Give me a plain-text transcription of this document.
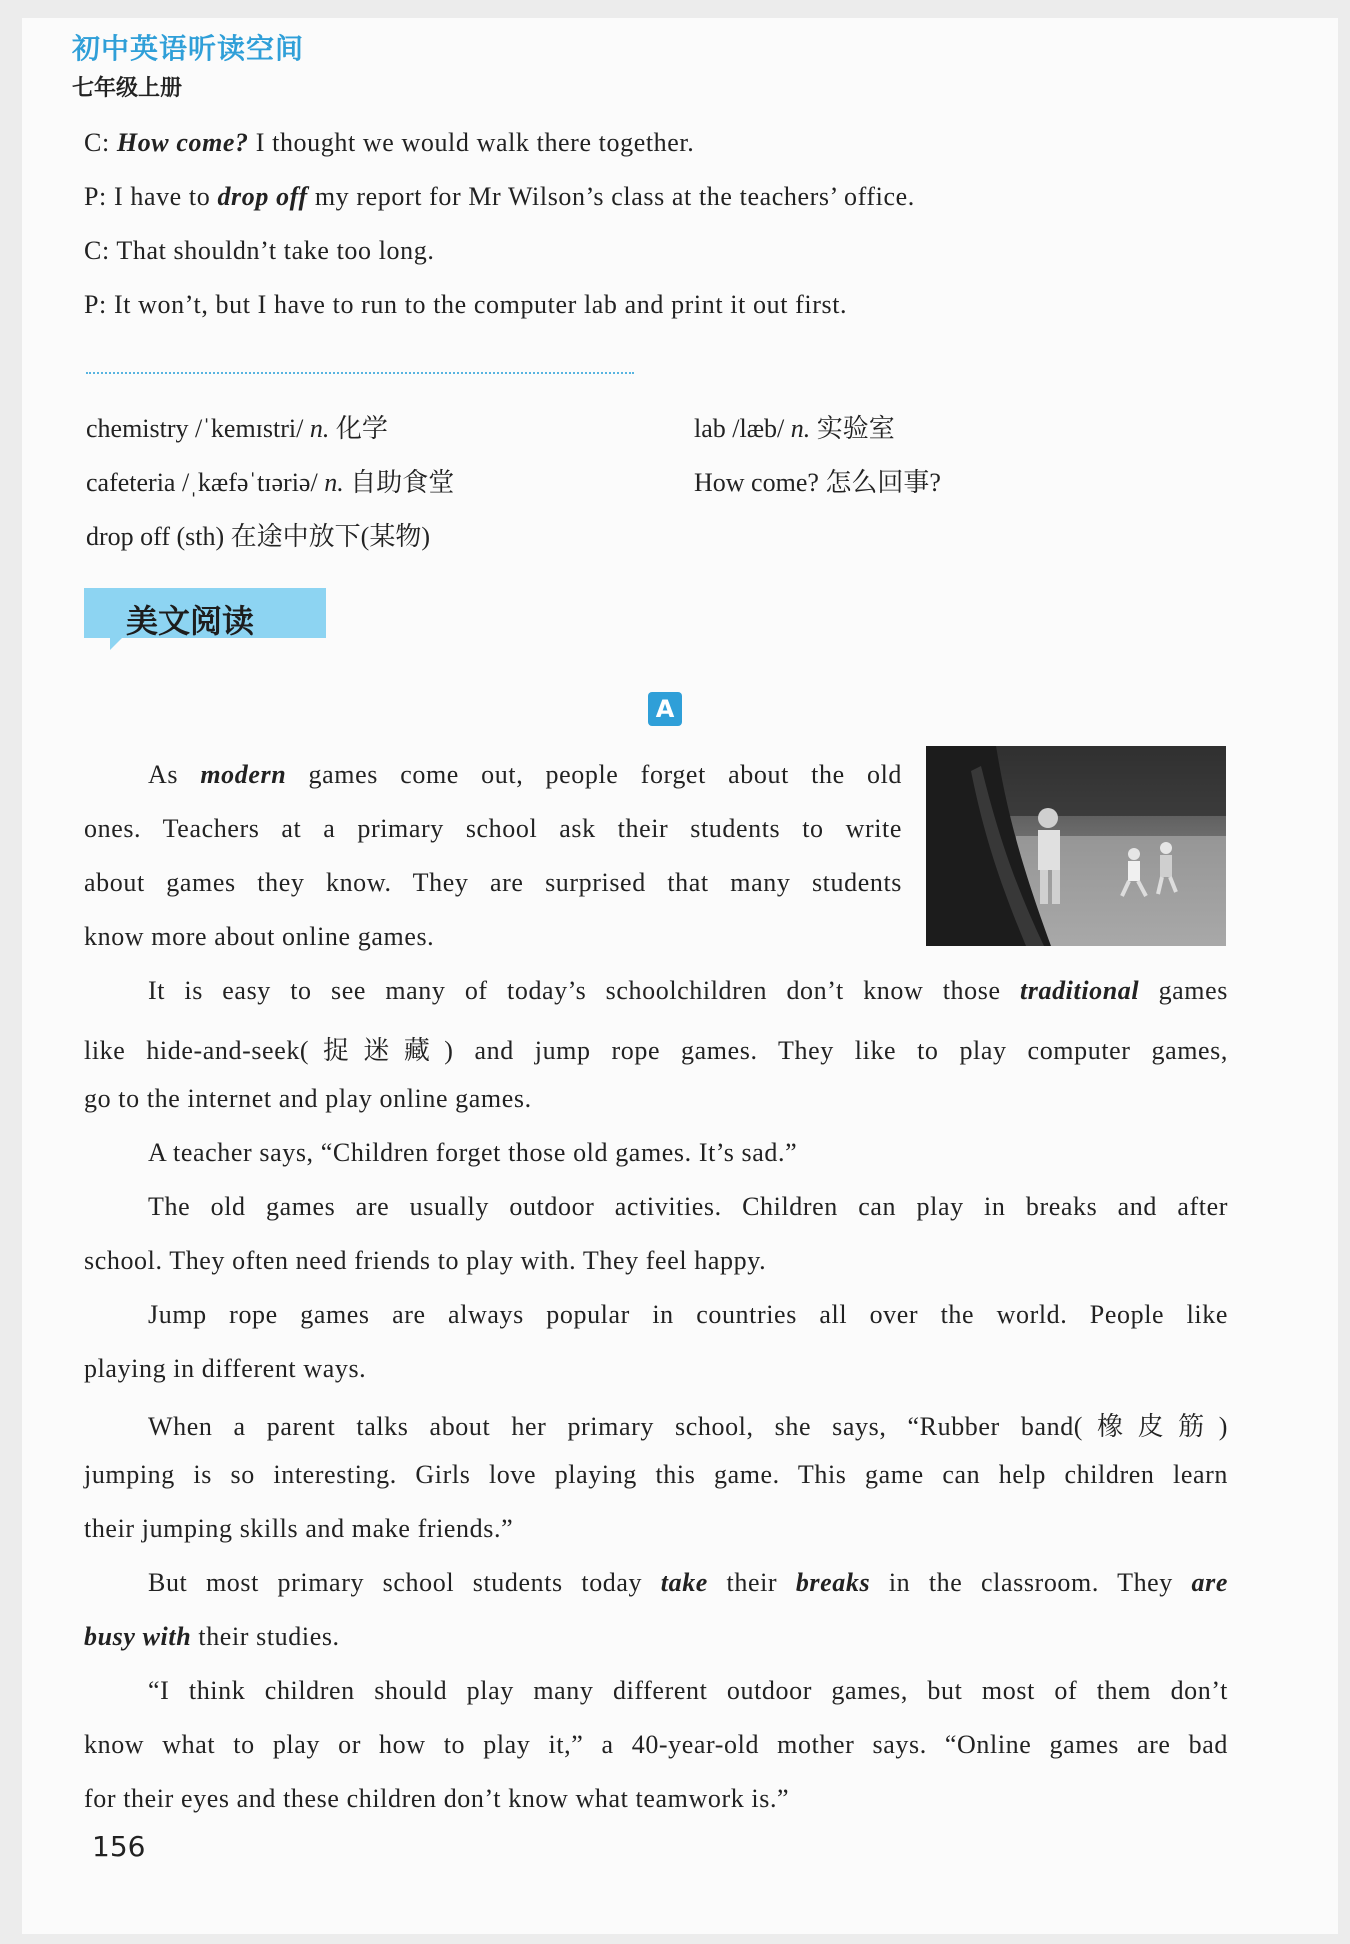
初中英语听读空间
七年级上册
C: How come? I thought we would walk there together.
P: I have to drop off my report for Mr Wilson’s class at the teachers’ office.
C: That shouldn’t take too long.
P: It won’t, but I have to run to the computer lab and print it out first.
chemistry /ˈkemɪstri/ n. 化学	lab /læb/ n. 实验室
cafeteria /ˌkæfəˈtɪəriə/ n. 自助食堂	How come? 怎么回事?
drop off (sth) 在途中放下(某物)
美文阅读
A
As modern games come out, people forget about the old
ones. Teachers at a primary school ask their students to write
about games they know. They are surprised that many students
know more about online games.
It is easy to see many of today’s schoolchildren don’t know those traditional games
like hide-and-seek(捉迷藏) and jump rope games. They like to play computer games,
go to the internet and play online games.
A teacher says, “Children forget those old games. It’s sad.”
The old games are usually outdoor activities. Children can play in breaks and after
school. They often need friends to play with. They feel happy.
Jump rope games are always popular in countries all over the world. People like
playing in different ways.
When a parent talks about her primary school, she says, “Rubber band(橡皮筋)
jumping is so interesting. Girls love playing this game. This game can help children learn
their jumping skills and make friends.”
But most primary school students today take their breaks in the classroom. They are
busy with their studies.
“I think children should play many different outdoor games, but most of them don’t
know what to play or how to play it,” a 40-year-old mother says. “Online games are bad
for their eyes and these children don’t know what teamwork is.”
156
